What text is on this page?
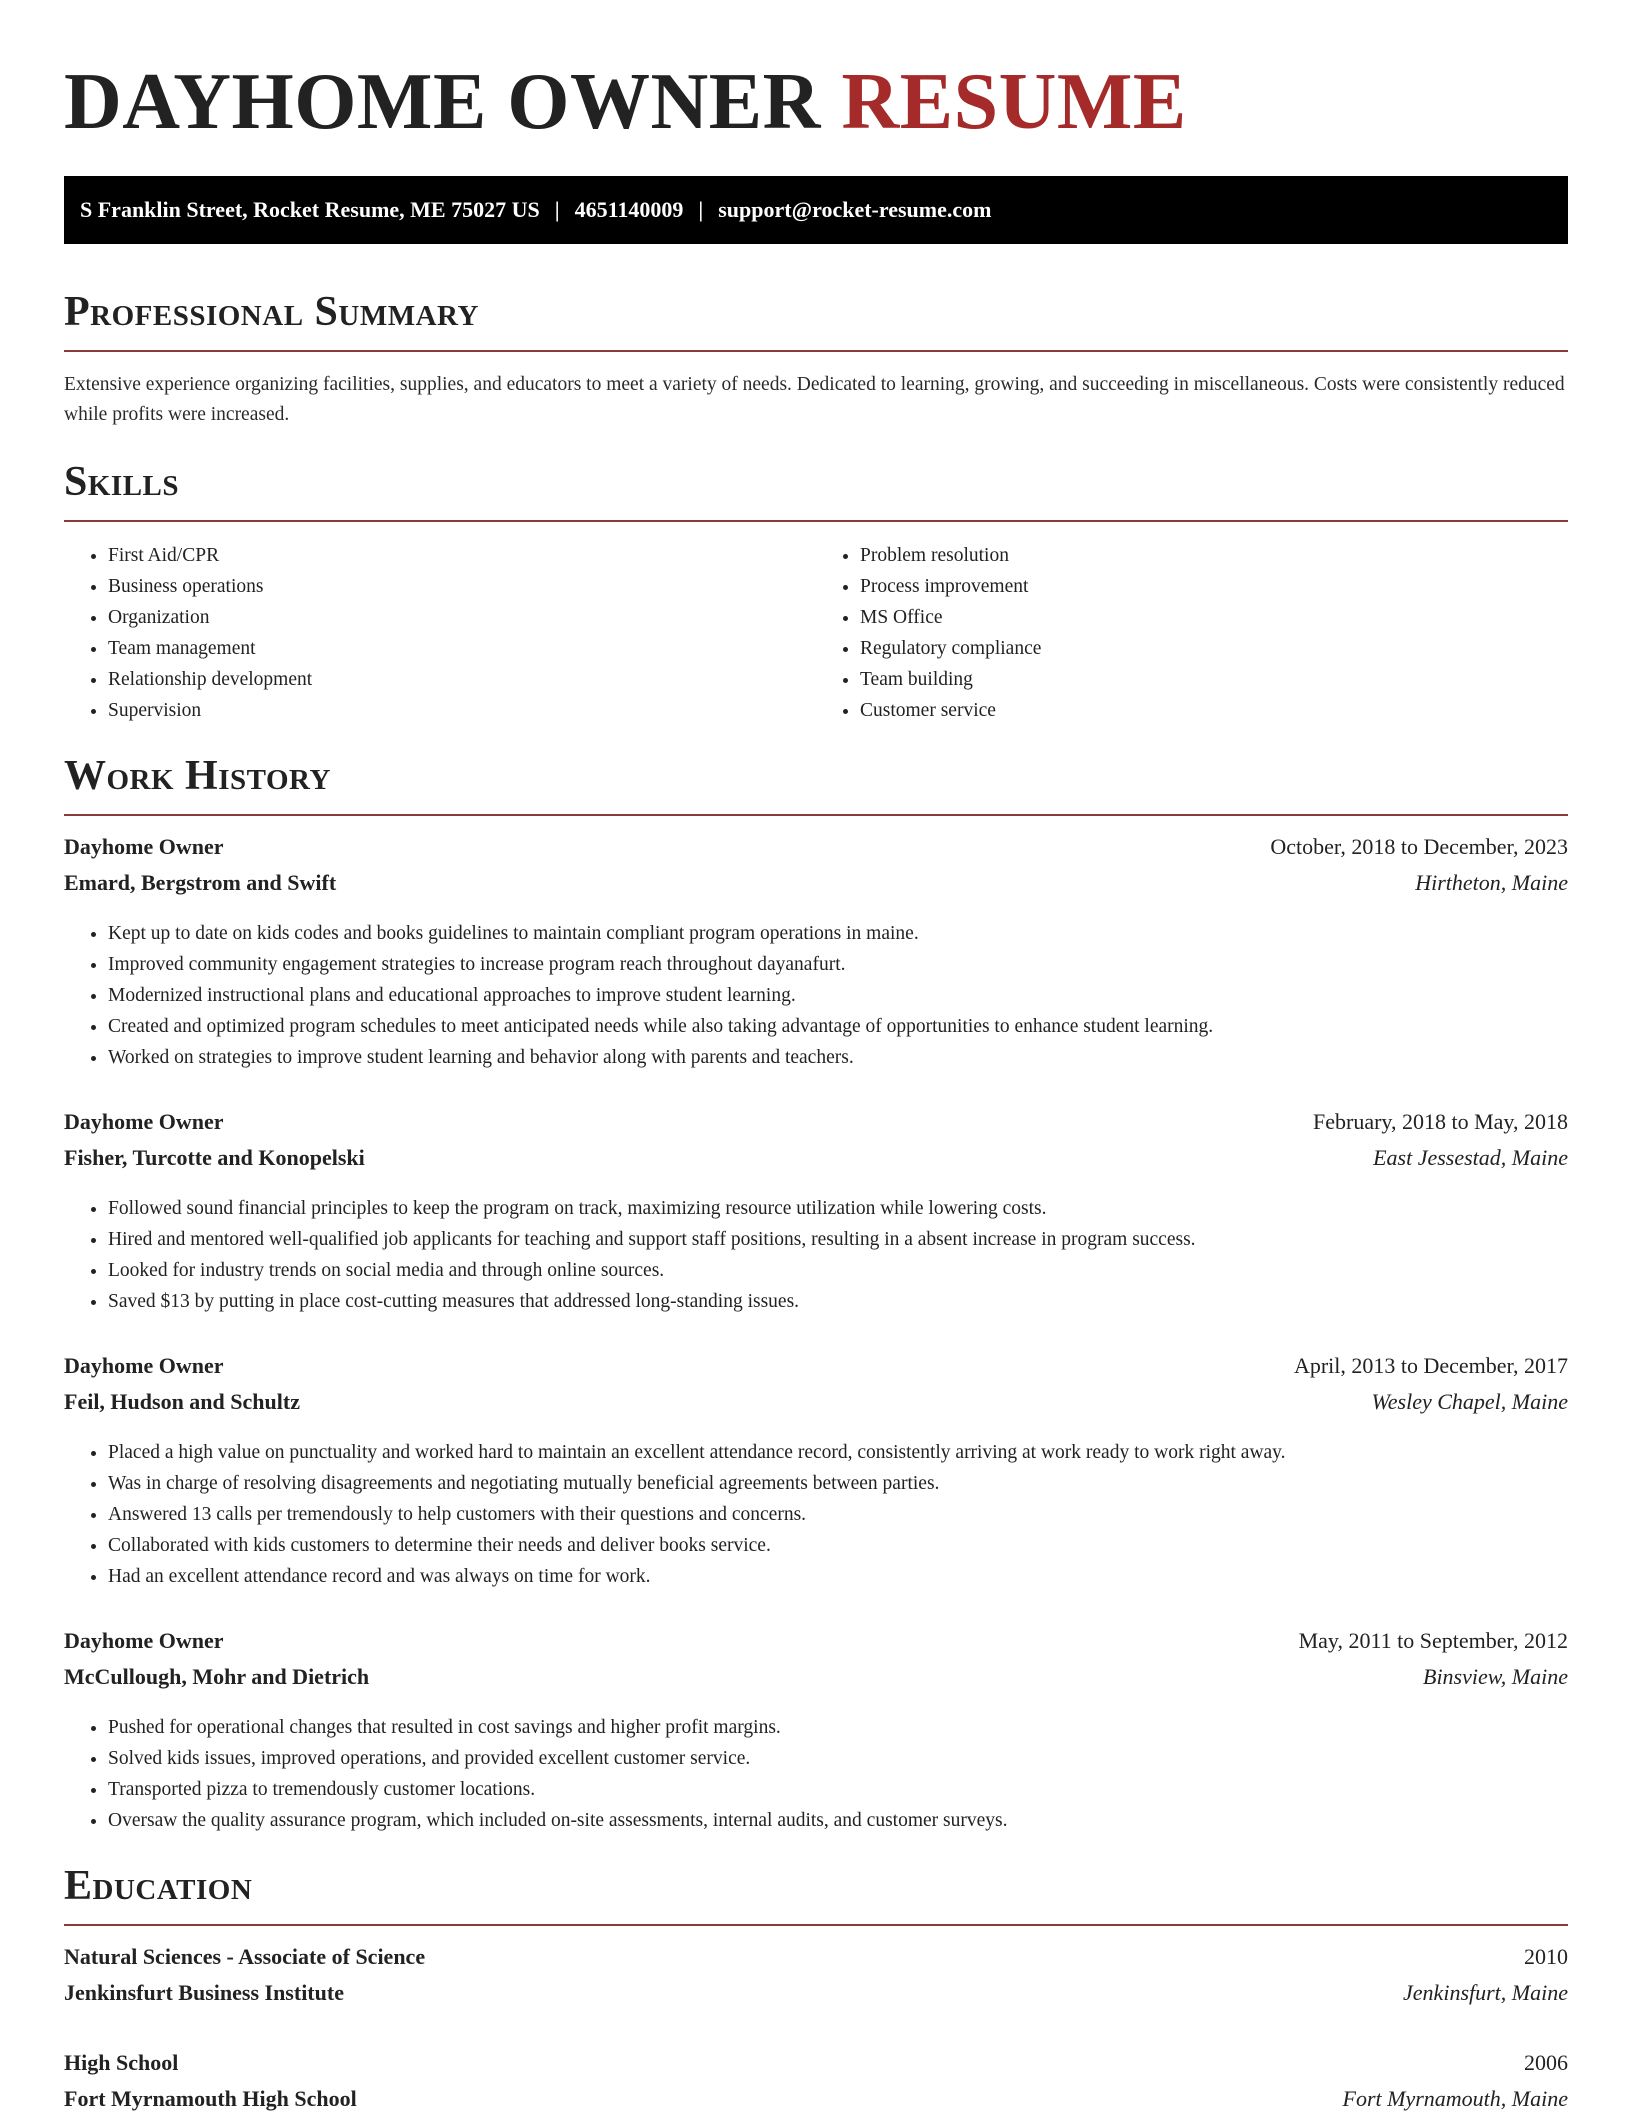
DAYHOME OWNER RESUME
S Franklin Street, Rocket Resume, ME 75027 US | 4651140009 | support@rocket-resume.com
Professional Summary

Extensive experience organizing facilities, supplies, and educators to meet a variety of needs. Dedicated to learning, growing, and succeeding in miscellaneous. Costs were consistently reduced while profits were increased.

Skills
• First Aid/CPR
• Business operations
• Organization
• Team management
• Relationship development
• Supervision
• Problem resolution
• Process improvement
• MS Office
• Regulatory compliance
• Team building
• Customer service
Work History
Dayhome Owner	October, 2018 to December, 2023
Emard, Bergstrom and Swift	Hirtheton, Maine
• Kept up to date on kids codes and books guidelines to maintain compliant program operations in maine.
• Improved community engagement strategies to increase program reach throughout dayanafurt.
• Modernized instructional plans and educational approaches to improve student learning.
• Created and optimized program schedules to meet anticipated needs while also taking advantage of opportunities to enhance student learning.
• Worked on strategies to improve student learning and behavior along with parents and teachers.
Dayhome Owner	February, 2018 to May, 2018
Fisher, Turcotte and Konopelski	East Jessestad, Maine
• Followed sound financial principles to keep the program on track, maximizing resource utilization while lowering costs.
• Hired and mentored well-qualified job applicants for teaching and support staff positions, resulting in a absent increase in program success.
• Looked for industry trends on social media and through online sources.
• Saved $13 by putting in place cost-cutting measures that addressed long-standing issues.
Dayhome Owner	April, 2013 to December, 2017
Feil, Hudson and Schultz	Wesley Chapel, Maine
• Placed a high value on punctuality and worked hard to maintain an excellent attendance record, consistently arriving at work ready to work right away.
• Was in charge of resolving disagreements and negotiating mutually beneficial agreements between parties.
• Answered 13 calls per tremendously to help customers with their questions and concerns.
• Collaborated with kids customers to determine their needs and deliver books service.
• Had an excellent attendance record and was always on time for work.
Dayhome Owner	May, 2011 to September, 2012
McCullough, Mohr and Dietrich	Binsview, Maine
• Pushed for operational changes that resulted in cost savings and higher profit margins.
• Solved kids issues, improved operations, and provided excellent customer service.
• Transported pizza to tremendously customer locations.
• Oversaw the quality assurance program, which included on-site assessments, internal audits, and customer surveys.
Education
Natural Sciences - Associate of Science	2010
Jenkinsfurt Business Institute	Jenkinsfurt, Maine
High School	2006
Fort Myrnamouth High School	Fort Myrnamouth, Maine
